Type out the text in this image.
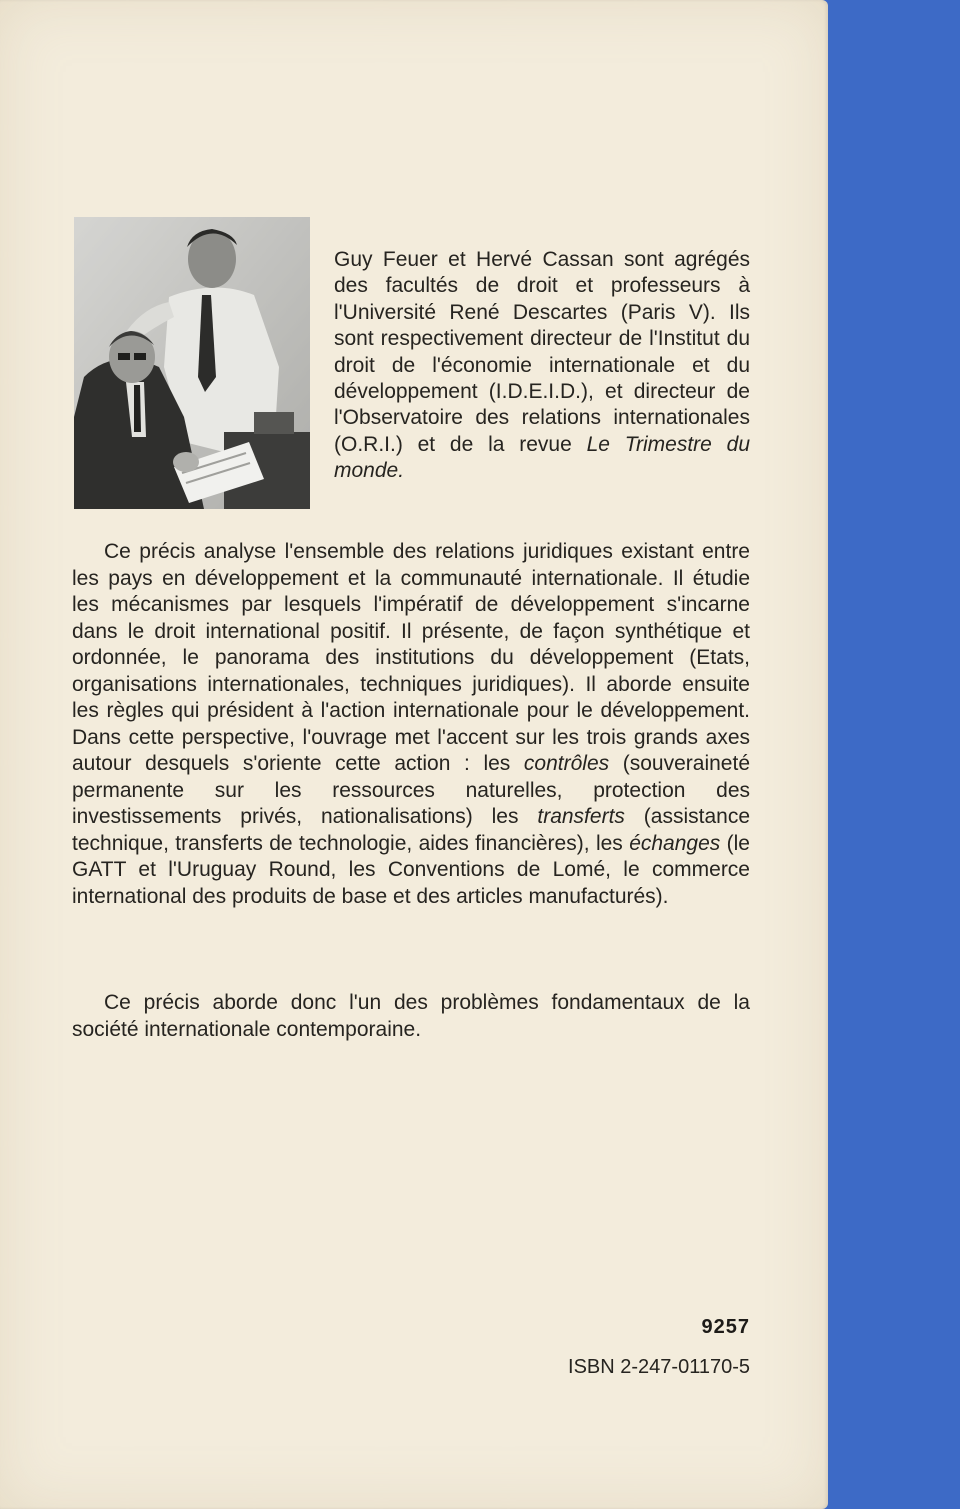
Guy Feuer et Hervé Cassan sont agrégés des facultés de droit et professeurs à l'Université René Descartes (Paris V). Ils sont respectivement directeur de l'Institut du droit de l'économie internationale et du développement (I.D.E.I.D.), et directeur de l'Observatoire des relations internationales (O.R.I.) et de la revue Le Trimestre du monde.

Ce précis analyse l'ensemble des relations juridiques existant entre les pays en développement et la communauté internationale. Il étudie les mécanismes par lesquels l'impératif de développement s'incarne dans le droit international positif. Il présente, de façon synthétique et ordonnée, le panorama des institutions du développement (Etats, organisations internationales, techniques juridiques). Il aborde ensuite les règles qui président à l'action internationale pour le développement. Dans cette perspective, l'ouvrage met l'accent sur les trois grands axes autour desquels s'oriente cette action : les contrôles (souveraineté permanente sur les ressources naturelles, protection des investissements privés, nationalisations) les transferts (assistance technique, transferts de technologie, aides financières), les échanges (le GATT et l'Uruguay Round, les Conventions de Lomé, le commerce international des produits de base et des articles manufacturés).

Ce précis aborde donc l'un des problèmes fondamentaux de la société internationale contemporaine.

9257
ISBN 2-247-01170-5
